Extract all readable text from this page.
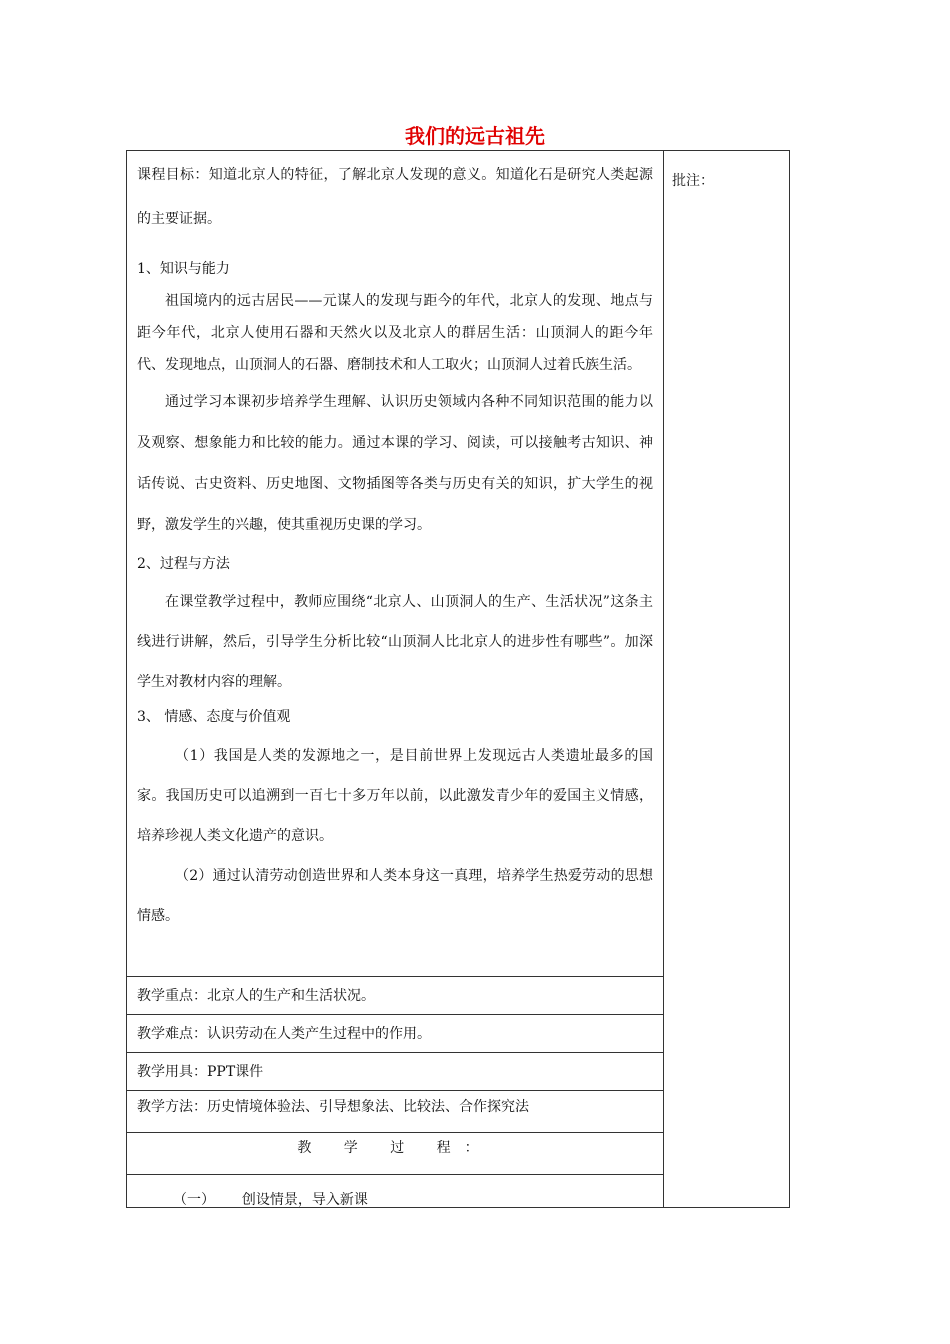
我们的远古祖先
批注：

课程目标：知道北京人的特征，了解北京人发现的意义。知道化石是研究人类起源的主要证据。

1、知识与能力

祖国境内的远古居民——元谋人的发现与距今的年代，北京人的发现、地点与距今年代，北京人使用石器和天然火以及北京人的群居生活：山顶洞人的距今年代、发现地点，山顶洞人的石器、磨制技术和人工取火；山顶洞人过着氏族生活。

通过学习本课初步培养学生理解、认识历史领域内各种不同知识范围的能力以及观察、想象能力和比较的能力。通过本课的学习、阅读，可以接触考古知识、神话传说、古史资料、历史地图、文物插图等各类与历史有关的知识，扩大学生的视野，激发学生的兴趣，使其重视历史课的学习。

2、过程与方法

在课堂教学过程中，教师应围绕“北京人、山顶洞人的生产、生活状况”这条主线进行讲解，然后，引导学生分析比较“山顶洞人比北京人的进步性有哪些”。加深学生对教材内容的理解。

3、 情感、态度与价值观

（1）我国是人类的发源地之一，是目前世界上发现远古人类遗址最多的国家。我国历史可以追溯到一百七十多万年以前，以此激发青少年的爱国主义情感，培养珍视人类文化遗产的意识。

（2）通过认清劳动创造世界和人类本身这一真理，培养学生热爱劳动的思想情感。

教学重点：北京人的生产和生活状况。
教学难点：认识劳动在人类产生过程中的作用。
教学用具：PPT课件
教学方法：历史情境体验法、引导想象法、比较法、合作探究法
教 学 过 程：
（一） 创设情景，导入新课
